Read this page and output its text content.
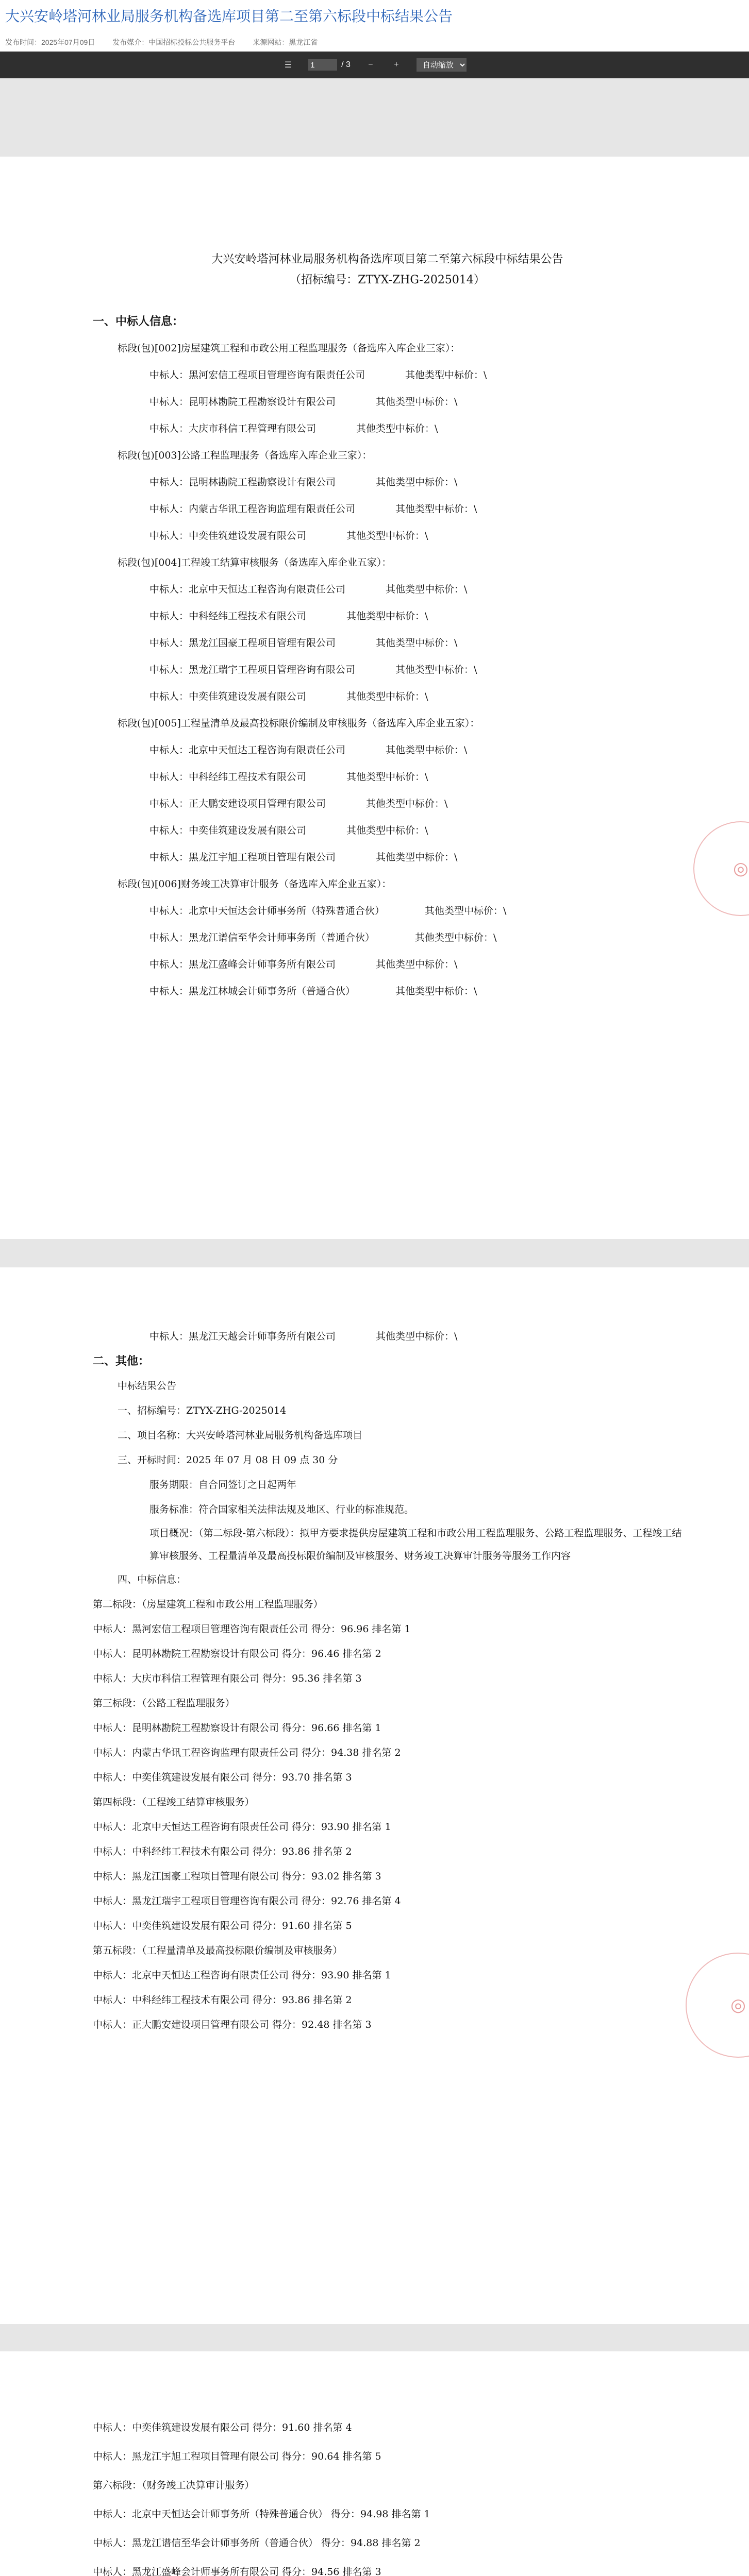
大兴安岭塔河林业局服务机构备选库项目第二至第六标段中标结果公告
发布时间：2025年07月09日 发布媒介：中国招标投标公共服务平台 来源网站：黑龙江省
☰
1	/ 3	−	+
自动缩放
大兴安岭塔河林业局服务机构备选库项目第二至第六标段中标结果公告
（招标编号：ZTYX-ZHG-2025014）
一、中标人信息：
标段(包)[002]房屋建筑工程和市政公用工程监理服务（备选库入库企业三家）：
中标人：黑河宏信工程项目管理咨询有限责任公司	其他类型中标价：\
中标人：昆明林勘院工程勘察设计有限公司	其他类型中标价：\
中标人：大庆市科信工程管理有限公司	其他类型中标价：\
标段(包)[003]公路工程监理服务（备选库入库企业三家）：
中标人：昆明林勘院工程勘察设计有限公司	其他类型中标价：\
中标人：内蒙古华讯工程咨询监理有限责任公司	其他类型中标价：\
中标人：中奕佳筑建设发展有限公司	其他类型中标价：\
标段(包)[004]工程竣工结算审核服务（备选库入库企业五家）：
中标人：北京中天恒达工程咨询有限责任公司	其他类型中标价：\
中标人：中科经纬工程技术有限公司	其他类型中标价：\
中标人：黑龙江国豪工程项目管理有限公司	其他类型中标价：\
中标人：黑龙江瑞宇工程项目管理咨询有限公司	其他类型中标价：\
中标人：中奕佳筑建设发展有限公司	其他类型中标价：\
标段(包)[005]工程量清单及最高投标限价编制及审核服务（备选库入库企业五家）：
中标人：北京中天恒达工程咨询有限责任公司	其他类型中标价：\
中标人：中科经纬工程技术有限公司	其他类型中标价：\
中标人：正大鹏安建设项目管理有限公司	其他类型中标价：\
中标人：中奕佳筑建设发展有限公司	其他类型中标价：\
中标人：黑龙江宇旭工程项目管理有限公司	其他类型中标价：\
标段(包)[006]财务竣工决算审计服务（备选库入库企业五家）：
中标人：北京中天恒达会计师事务所（特殊普通合伙）	其他类型中标价：\
中标人：黑龙江谱信至华会计师事务所（普通合伙）	其他类型中标价：\
中标人：黑龙江盛峰会计师事务所有限公司	其他类型中标价：\
中标人：黑龙江林城会计师事务所（普通合伙）	其他类型中标价：\
◎
中标人：黑龙江天越会计师事务所有限公司	其他类型中标价：\
二、其他：
中标结果公告
一、招标编号：ZTYX-ZHG-2025014
二、项目名称：大兴安岭塔河林业局服务机构备选库项目
三、开标时间：2025 年 07 月 08 日 09 点 30 分
服务期限：自合同签订之日起两年
服务标准：符合国家相关法律法规及地区、行业的标准规范。
项目概况：（第二标段-第六标段）：拟甲方要求提供房屋建筑工程和市政公用工程监理服务、公路工程监理服务、工程竣工结算审核服务、工程量清单及最高投标限价编制及审核服务、财务竣工决算审计服务等服务工作内容
四、中标信息：
第二标段：（房屋建筑工程和市政公用工程监理服务）
中标人：黑河宏信工程项目管理咨询有限责任公司 得分：96.96 排名第 1
中标人：昆明林勘院工程勘察设计有限公司 得分：96.46 排名第 2
中标人：大庆市科信工程管理有限公司 得分：95.36 排名第 3
第三标段：（公路工程监理服务）
中标人：昆明林勘院工程勘察设计有限公司 得分：96.66 排名第 1
中标人：内蒙古华讯工程咨询监理有限责任公司 得分：94.38 排名第 2
中标人：中奕佳筑建设发展有限公司 得分：93.70 排名第 3
第四标段：（工程竣工结算审核服务）
中标人：北京中天恒达工程咨询有限责任公司 得分：93.90 排名第 1
中标人：中科经纬工程技术有限公司 得分：93.86 排名第 2
中标人：黑龙江国豪工程项目管理有限公司 得分：93.02 排名第 3
中标人：黑龙江瑞宇工程项目管理咨询有限公司 得分：92.76 排名第 4
中标人：中奕佳筑建设发展有限公司 得分：91.60 排名第 5
第五标段：（工程量清单及最高投标限价编制及审核服务）
中标人：北京中天恒达工程咨询有限责任公司 得分：93.90 排名第 1
中标人：中科经纬工程技术有限公司 得分：93.86 排名第 2
中标人：正大鹏安建设项目管理有限公司 得分：92.48 排名第 3
◎
中标人：中奕佳筑建设发展有限公司 得分：91.60 排名第 4
中标人：黑龙江宇旭工程项目管理有限公司 得分：90.64 排名第 5
第六标段：（财务竣工决算审计服务）
中标人：北京中天恒达会计师事务所（特殊普通合伙） 得分：94.98 排名第 1
中标人：黑龙江谱信至华会计师事务所（普通合伙） 得分：94.88 排名第 2
中标人：黑龙江盛峰会计师事务所有限公司 得分：94.56 排名第 3
